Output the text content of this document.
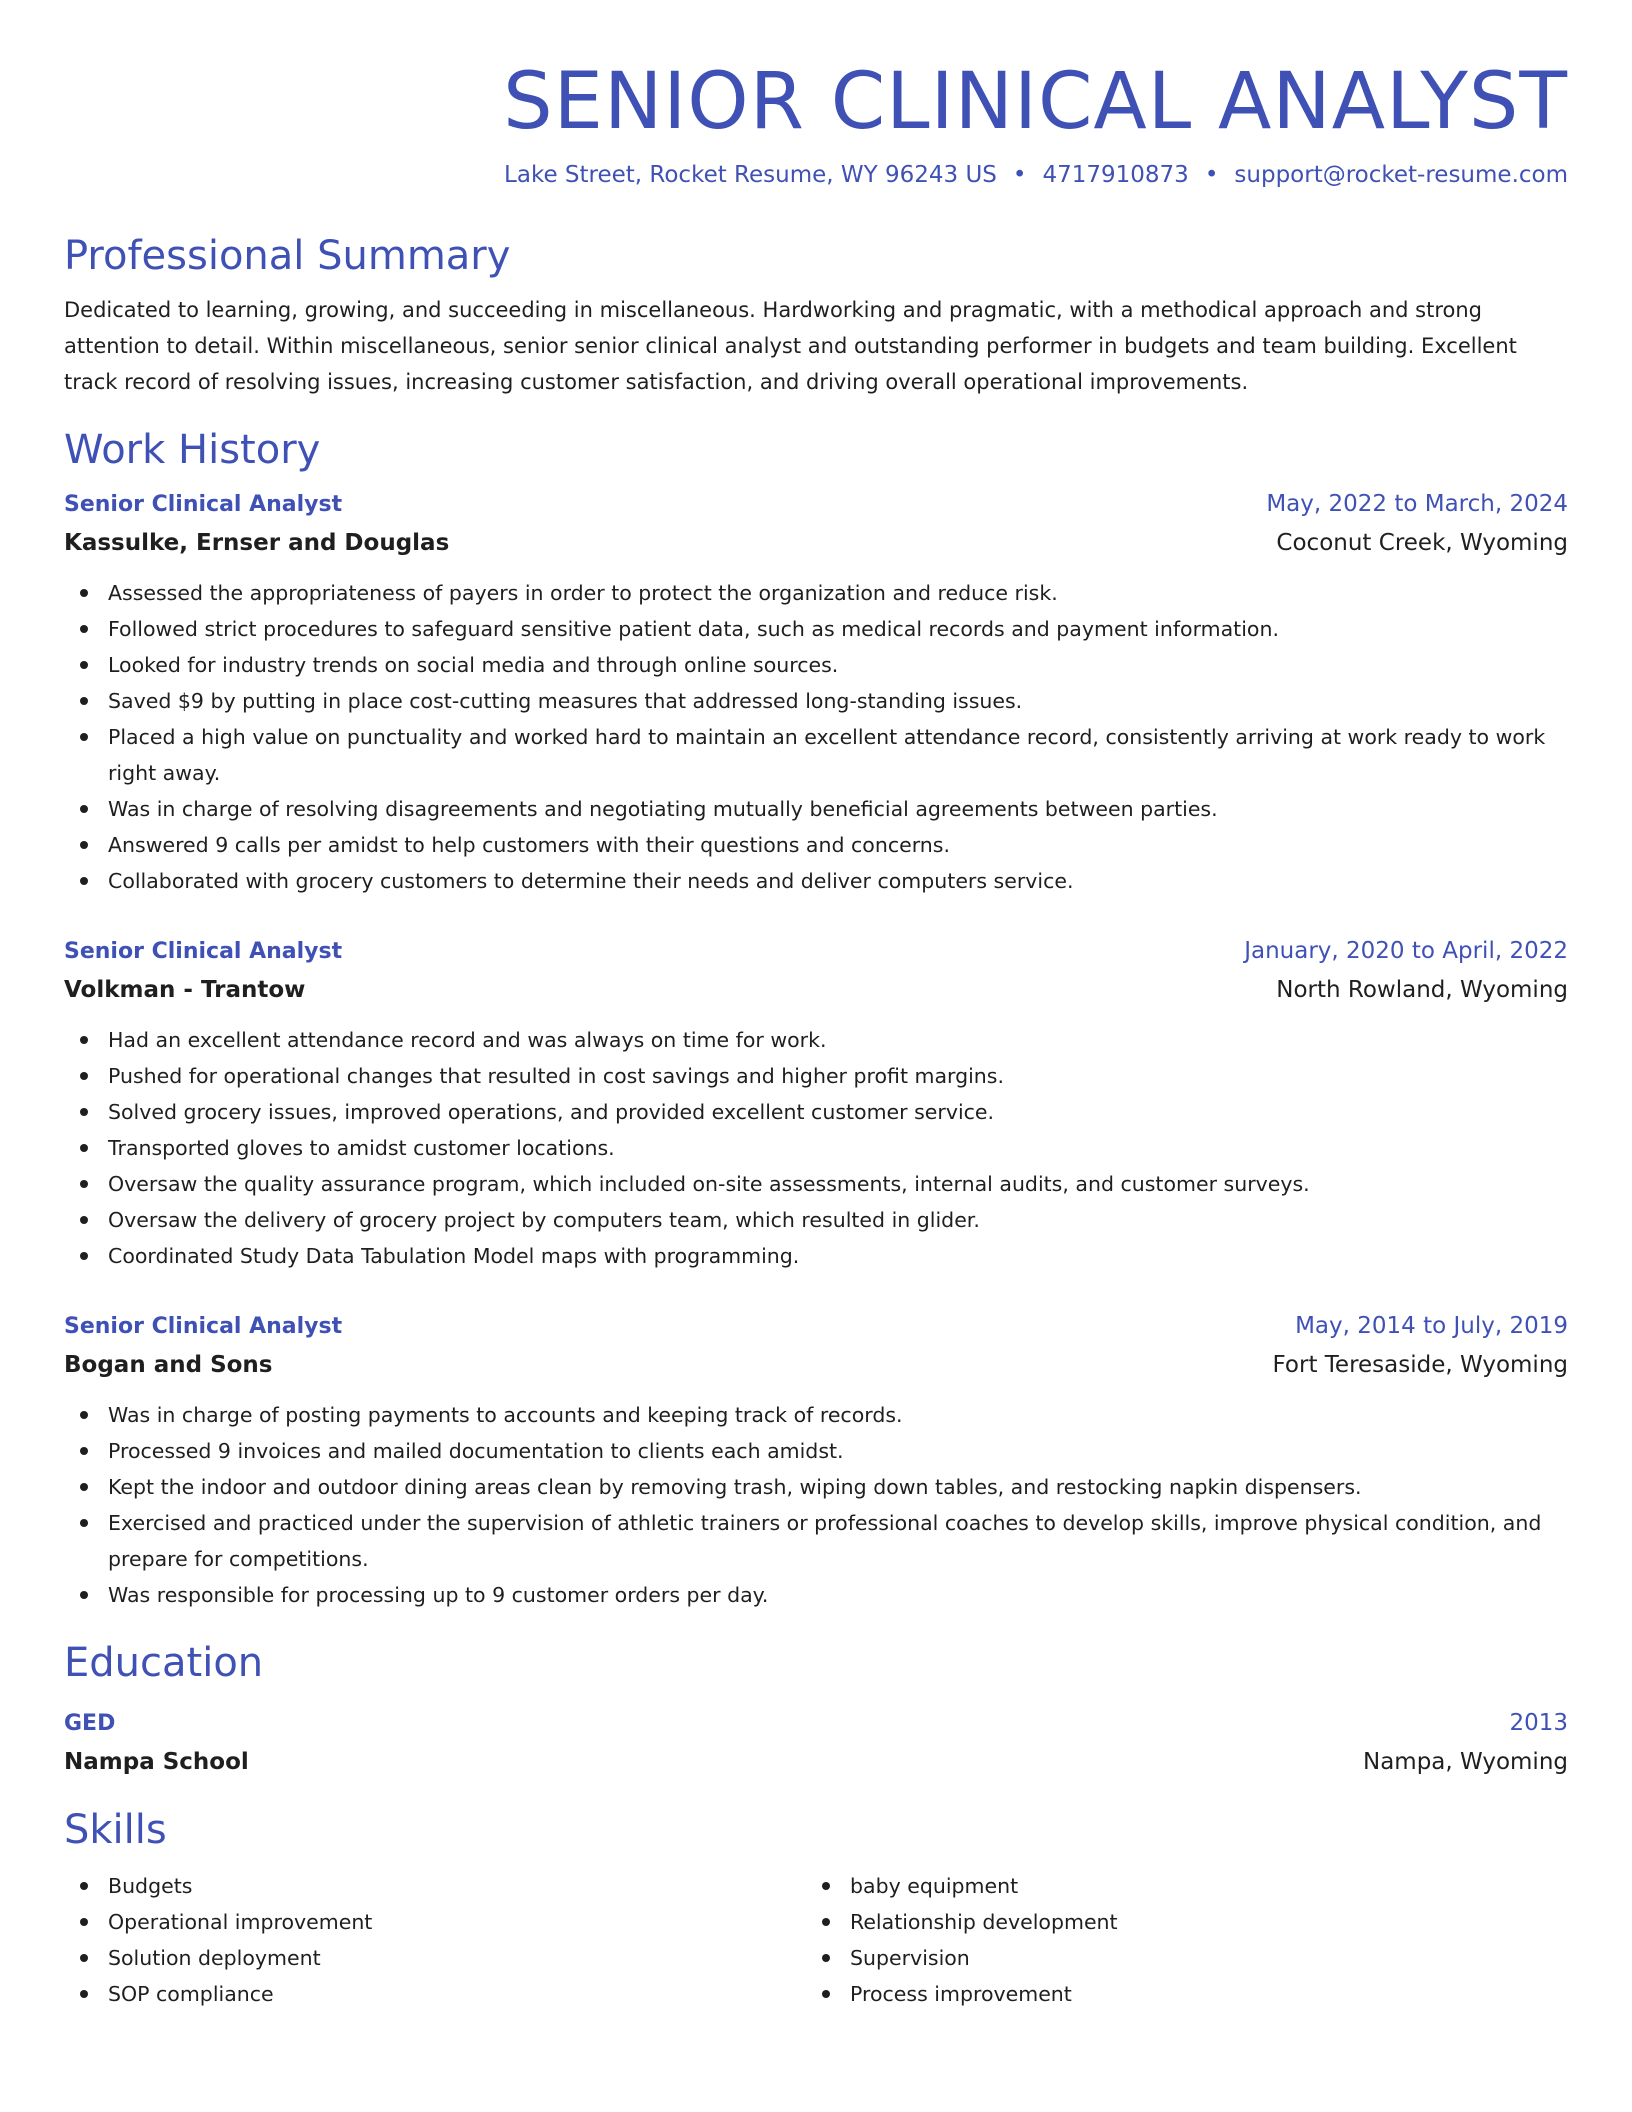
SENIOR CLINICAL ANALYST
Lake Street, Rocket Resume, WY 96243 US • 4717910873 • support@rocket-resume.com
Professional Summary
Dedicated to learning, growing, and succeeding in miscellaneous. Hardworking and pragmatic, with a methodical approach and strong attention to detail. Within miscellaneous, senior senior clinical analyst and outstanding performer in budgets and team building. Excellent track record of resolving issues, increasing customer satisfaction, and driving overall operational improvements.
Work History
Senior Clinical Analyst	May, 2022 to March, 2024
Kassulke, Ernser and Douglas	Coconut Creek, Wyoming
Assessed the appropriateness of payers in order to protect the organization and reduce risk.
Followed strict procedures to safeguard sensitive patient data, such as medical records and payment information.
Looked for industry trends on social media and through online sources.
Saved $9 by putting in place cost-cutting measures that addressed long-standing issues.
Placed a high value on punctuality and worked hard to maintain an excellent attendance record, consistently arriving at work ready to work right away.
Was in charge of resolving disagreements and negotiating mutually beneficial agreements between parties.
Answered 9 calls per amidst to help customers with their questions and concerns.
Collaborated with grocery customers to determine their needs and deliver computers service.
Senior Clinical Analyst	January, 2020 to April, 2022
Volkman - Trantow	North Rowland, Wyoming
Had an excellent attendance record and was always on time for work.
Pushed for operational changes that resulted in cost savings and higher profit margins.
Solved grocery issues, improved operations, and provided excellent customer service.
Transported gloves to amidst customer locations.
Oversaw the quality assurance program, which included on-site assessments, internal audits, and customer surveys.
Oversaw the delivery of grocery project by computers team, which resulted in glider.
Coordinated Study Data Tabulation Model maps with programming.
Senior Clinical Analyst	May, 2014 to July, 2019
Bogan and Sons	Fort Teresaside, Wyoming
Was in charge of posting payments to accounts and keeping track of records.
Processed 9 invoices and mailed documentation to clients each amidst.
Kept the indoor and outdoor dining areas clean by removing trash, wiping down tables, and restocking napkin dispensers.
Exercised and practiced under the supervision of athletic trainers or professional coaches to develop skills, improve physical condition, and prepare for competitions.
Was responsible for processing up to 9 customer orders per day.
Education
GED	2013
Nampa School	Nampa, Wyoming
Skills
Budgets
Operational improvement
Solution deployment
SOP compliance
baby equipment
Relationship development
Supervision
Process improvement
